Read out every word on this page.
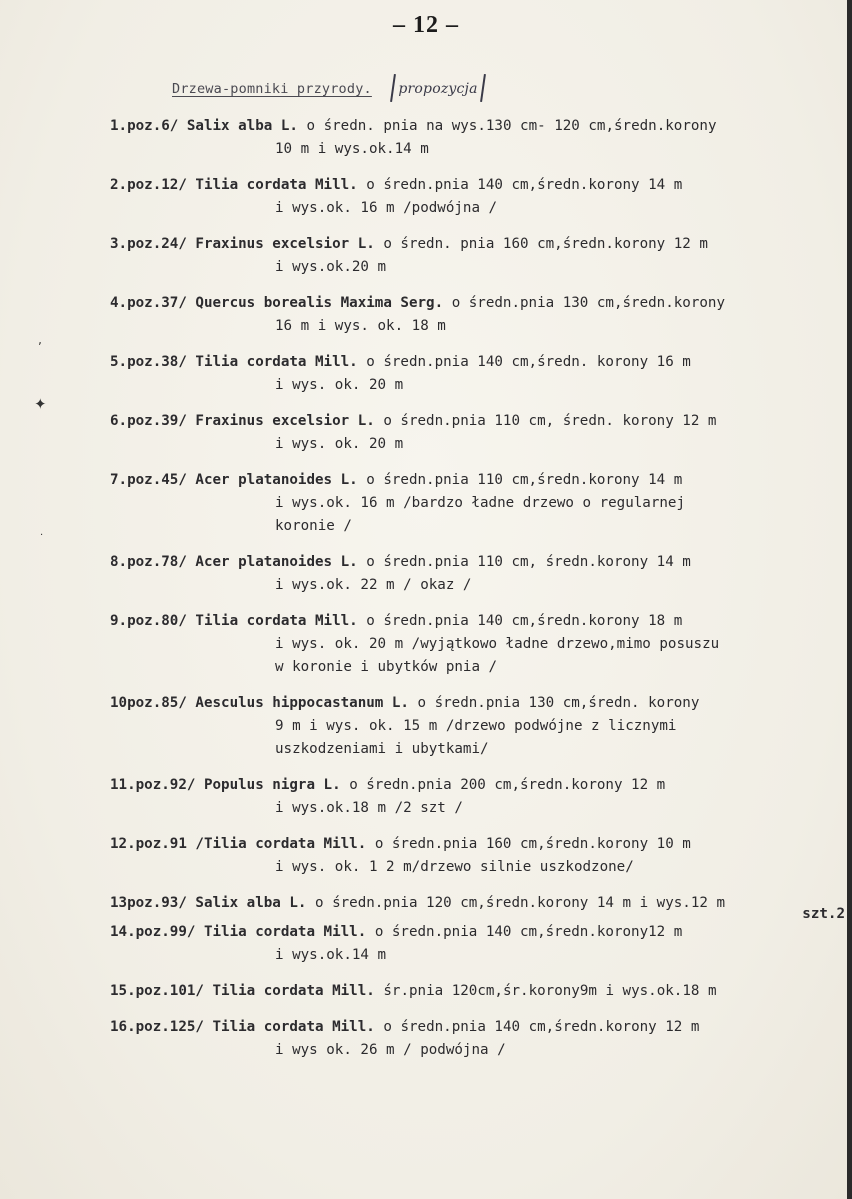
– 12 –
Drzewa-pomniki przyrody. propozycja
1.poz.6/ Salix alba L. o średn. pnia na wys.130 cm- 120 cm,średn.korony
10 m i wys.ok.14 m
2.poz.12/ Tilia cordata Mill. o średn.pnia 140 cm,średn.korony 14 m
i wys.ok. 16 m /podwójna /
3.poz.24/ Fraxinus excelsior L. o średn. pnia 160 cm,średn.korony 12 m
i wys.ok.20 m
4.poz.37/ Quercus borealis Maxima Serg. o średn.pnia 130 cm,średn.korony
16 m i wys. ok. 18 m
5.poz.38/ Tilia cordata Mill. o średn.pnia 140 cm,średn. korony 16 m
i wys. ok. 20 m
6.poz.39/ Fraxinus excelsior L. o średn.pnia 110 cm, średn. korony 12 m
i wys. ok. 20 m
7.poz.45/ Acer platanoides L. o średn.pnia 110 cm,średn.korony 14 m
i wys.ok. 16 m /bardzo ładne drzewo o regularnej
koronie /
8.poz.78/ Acer platanoides L. o średn.pnia 110 cm, średn.korony 14 m
i wys.ok. 22 m / okaz /
9.poz.80/ Tilia cordata Mill. o średn.pnia 140 cm,średn.korony 18 m
i wys. ok. 20 m /wyjątkowo ładne drzewo,mimo posuszu
w koronie i ubytków pnia /
10poz.85/ Aesculus hippocastanum L. o średn.pnia 130 cm,średn. korony
9 m i wys. ok. 15 m /drzewo podwójne z licznymi
uszkodzeniami i ubytkami/
11.poz.92/ Populus nigra L. o średn.pnia 200 cm,średn.korony 12 m
i wys.ok.18 m /2 szt /
12.poz.91 /Tilia cordata Mill. o średn.pnia 160 cm,średn.korony 10 m
i wys. ok. 1 2 m/drzewo silnie uszkodzone/
13poz.93/ Salix alba L. o średn.pnia 120 cm,średn.korony 14 m i wys.12 m
szt.2
14.poz.99/ Tilia cordata Mill. o średn.pnia 140 cm,średn.korony12 m
i wys.ok.14 m
15.poz.101/ Tilia cordata Mill. śr.pnia 120cm,śr.korony9m i wys.ok.18 m
16.poz.125/ Tilia cordata Mill. o średn.pnia 140 cm,średn.korony 12 m
i wys ok. 26 m / podwójna /
ʼ
✦
·
